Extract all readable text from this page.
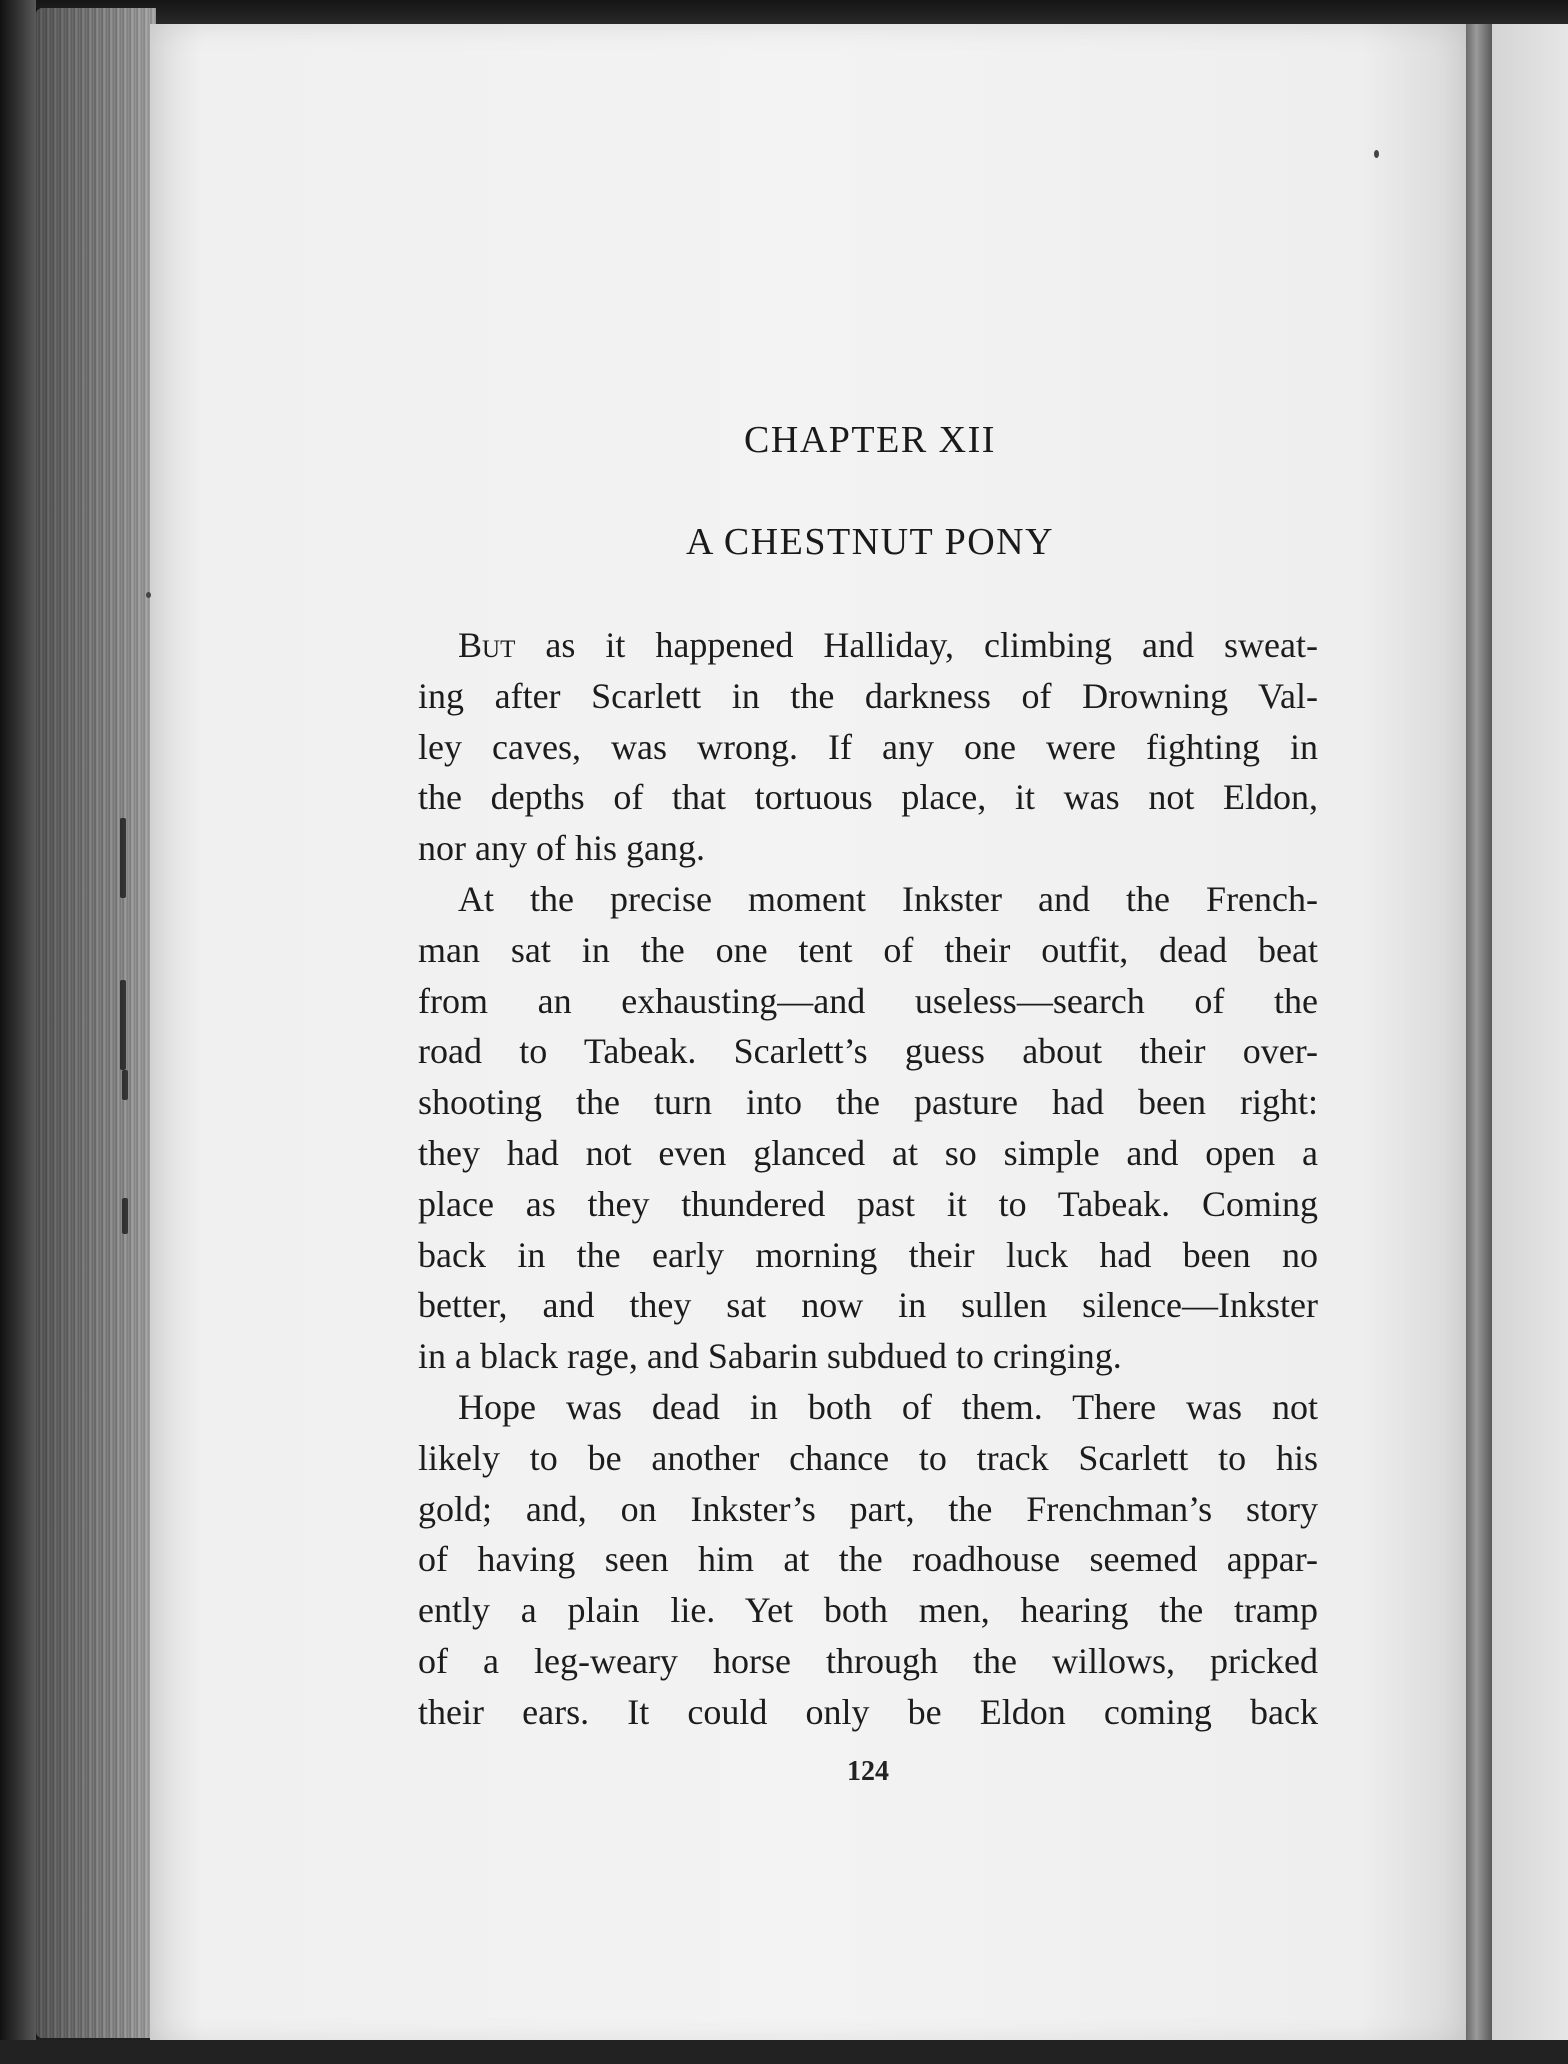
CHAPTER XII
A CHESTNUT PONY
But as it happened Halliday, climbing and sweat-
ing after Scarlett in the darkness of Drowning Val-
ley caves, was wrong. If any one were fighting in
the depths of that tortuous place, it was not Eldon,
nor any of his gang.
At the precise moment Inkster and the French-
man sat in the one tent of their outfit, dead beat
from an exhausting—and useless—search of the
road to Tabeak. Scarlett’s guess about their over-
shooting the turn into the pasture had been right:
they had not even glanced at so simple and open a
place as they thundered past it to Tabeak. Coming
back in the early morning their luck had been no
better, and they sat now in sullen silence—Inkster
in a black rage, and Sabarin subdued to cringing.
Hope was dead in both of them. There was not
likely to be another chance to track Scarlett to his
gold; and, on Inkster’s part, the Frenchman’s story
of having seen him at the roadhouse seemed appar-
ently a plain lie. Yet both men, hearing the tramp
of a leg-weary horse through the willows, pricked
their ears. It could only be Eldon coming back
124
